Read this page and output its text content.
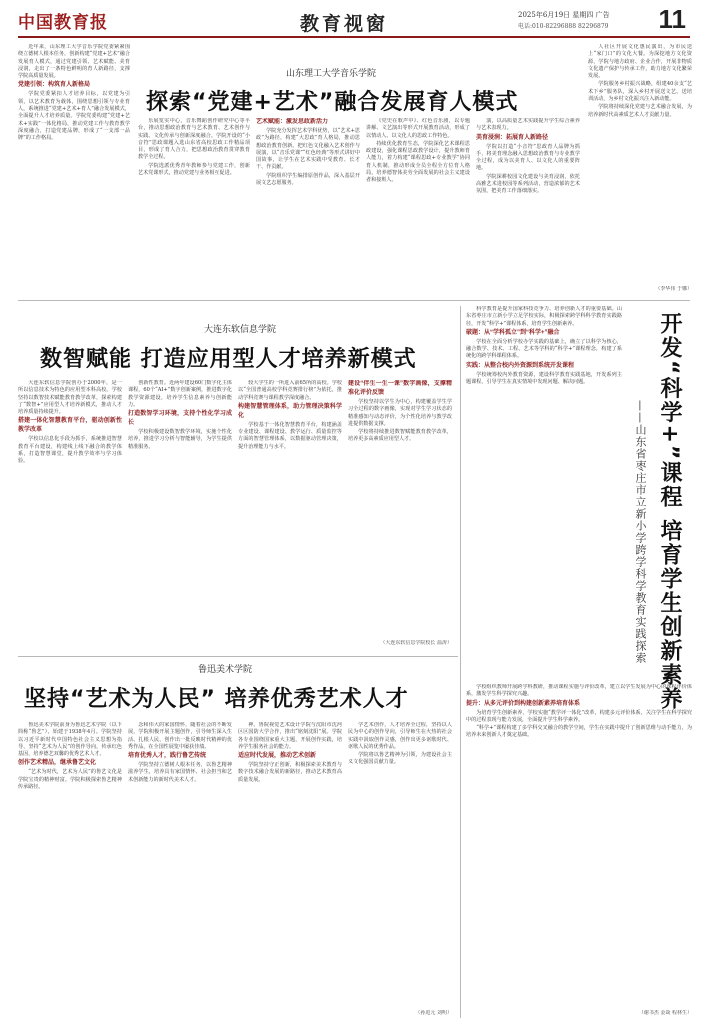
中国教育报	教育视窗	2025年6月19日 星期四 广告
电话:010-82296888 82296879 11
山东理工大学音乐学院
探索“党建+艺术”融合发展育人模式

近年来，山东理工大学音乐学院党委紧紧围绕立德树人根本任务，创新构建“党建+艺术”融合发展育人模式，通过党建引领、艺术赋能、美育浸润，走出了一条特色鲜明的育人新路径，支撑学院高质量发展。

党建引领：构筑育人新格局

学院党委紧扣人才培养目标，以党建为引领，以艺术教育为载体，围绕思想引领与专业育人，系统推进“党建+艺术+育人”融合发展模式，全面提升人才培养质量。学院党委构建“党建+艺术+实践”一体化格局，推动党建工作与教育教学深度融合，打造党建品牌，形成了“一支部一品牌”的工作格局。

乐展览实中心，音乐舞蹈创作研究中心等平台，推动思想政治教育与艺术教育、艺术创作与实践、文化传承与创新深度融合。学院开设的“小音符”思政课题入选山东省高校思政工作精品项目，形成了育人合力，把思想政治教育贯穿教育教学全过程。

学院选派优秀青年教师参与党建工作，创新艺术党课形式，推动党建与业务相互促进。

艺术赋能：激发思政新活力

学院充分发挥艺术学科优势，以“艺术+思政”为路径，构建“大思政”育人格局，推动思想政治教育创新。把红色文化融入艺术创作与展演，以“音乐党课”“红色经典”等形式讲好中国故事，让学生在艺术实践中受教育、长才干、作贡献。

学院组织学生编排原创作品，深入基层开展文艺志愿服务。

《党史在歌声中》、红色音乐剧，以专题讲解、文艺演出等形式开展教育活动，形成了以情动人、以文化人的思政工作特色。

持续优化教育生态，学院深化艺术课程思政建设，强化课程思政教学设计，提升教师育人能力，着力构建“课程思政+专业教学”协同育人机制，推动形成全员全程全方位育人格局，培养德智体美劳全面发展的社会主义建设者和接班人。

演，以高质量艺术实践提升学生综合素养与艺术表现力。

美育浸润：拓展育人新路径

学院以打造“小音符”思政育人品牌为抓手，将美育理念融入思想政治教育与专业教学全过程，成为以美育人、以文化人的重要阵地。

学院深耕校园文化建设与美育浸润，依托高雅艺术进校园等系列活动，营造浓郁的艺术氛围，把美育工作落细落实。

人社区开展文化惠民演出，为市民送上“家门口”的文化大餐。为深挖地方文化资源，学院与地方政府、企业合作，开展非物质文化遗产保护与传承工作，助力地方文化繁荣发展。

学院服务乡村振兴战略，组建40余支“艺术下乡”服务队，深入乡村开展送文艺、送培训活动，为乡村文化振兴注入新动能。

学院将持续深化党建与艺术融合发展，为培养新时代高素质艺术人才贡献力量。

（李华伟 于娜）
大连东软信息学院
数智赋能 打造应用型人才培养新模式

大连东软信息学院创办于2000年，是一所以信息技术为特色的应用型本科高校。学校坚持以数智技术赋能教育教学改革，探索构建了“数智+”应用型人才培养新模式，推动人才培养质量持续提升。

搭建一体化智慧教育平台，驱动创新性教学改革

学校以信息化手段为抓手，系统推进智慧教育平台建设，构建线上线下融合的教学体系，打造智慧课堂，提升教学效率与学习体验。

创新性教育。近两年建设60门数字化主体课程，60个“AI+”数字创新案例，推进数字化教学资源建设，培养学生信息素养与创新能力。

打造数智学习环境，支持个性化学习成长

学校积极建设数智教学环境，实施个性化培养，推进学习分析与智能辅导，为学生提供精准服务。

较大学生的一所进入前65所的高校。学校以“全国普通高校学科竞赛排行榜”为依托，推动学科竞赛与课程教学深度融合。

构建智慧管理体系，助力管理决策科学化

学校基于一体化智慧教育平台，构建涵盖专业建设、课程建设、教学运行、质量监控等方面的智慧管理体系，以数据驱动管理决策，提升治理能力与水平。

建设“伴生一生一课”数字画像，支撑精准化评价反馈

学校坚持以学生为中心，构建覆盖学生学习全过程的数字画像，实现对学生学习状态的精准感知与动态评价，为个性化培养与教学改进提供数据支撑。

学校将持续推进数智赋能教育教学改革，培养更多高素质应用型人才。

（大连东软信息学院校长 温涛）
鲁迅美术学院
坚持“艺术为人民” 培养优秀艺术人才

鲁迅美术学院前身为鲁迅艺术学院（以下简称“鲁艺”），始建于1938年4月。学院坚持以习近平新时代中国特色社会主义思想为指导，坚持“艺术为人民”的创作导向，传承红色基因，培养德艺双馨的优秀艺术人才。

创作艺术精品，继承鲁艺文化

“艺术为时代，艺术为人民”的鲁艺文化是学院宝贵的精神财富。学院积极探索鲁艺精神传承路径。

念和伟大的家国情怀，随着社会的不断发展，学院积极开展主题创作，引导师生深入生活、扎根人民，创作出一批反映时代精神的优秀作品，在全国性展览中屡获佳绩。

培育优秀人才，践行鲁艺传统

学院坚持立德树人根本任务，以鲁艺精神滋养学生，培养具有家国情怀、社会担当和艺术创新能力的新时代美术人才。

神。鲁院视觉艺术设计学院与沈阳市沈河区区国防大学合作，推出“铭刻沈阳”展。学院各专业围绕国家重大主题，开展创作实践，培养学生服务社会的能力。

适应时代发展，推动艺术创新

学院坚持守正创新，积极探索美术教育与数字技术融合发展的新路径，推动艺术教育高质量发展。

学艺术创作，人才培养全过程，坚持以人民为中心的创作导向，引导师生在火热的社会实践中汲取创作灵感，创作出更多讴歌时代、讴歌人民的优秀作品。

学院将以鲁艺精神为引领，为建设社会主义文化强国贡献力量。

（孙进元 刘明）

科学教育是提升国家科技竞争力、培养创新人才的重要基础。山东省枣庄市立新小学立足学校实际，积极探索跨学科科学教育实践路径，开发“科学+”课程体系，培育学生创新素养。

破题：从“学科孤立”到“科学+”融合

学校在全面分析学校办学实践的基础上，确立了以科学为核心，融合数学、技术、工程、艺术等学科的“科学+”课程理念，构建了系统化的跨学科课程体系。

实践：从整合校内外资源到系统开发课程

学校统筹校内外教育资源，建设科学教育实践基地，开发系列主题课程，引导学生在真实情境中发现问题、解决问题。	开发“科学+”课程 培育学生创新素养
——山东省枣庄市立新小学跨学科学教育实践探索

学校组织教师开展跨学科教研，推动课程实施与评价改革，建立以学生发展为中心的课程评价体系，激发学生科学探究兴趣。

提升：从多元评价到构建创新素养培育体系

为培育学生创新素养，学校实施“教学评一体化”改革，构建多元评价体系，关注学生在科学探究中的过程表现与能力发展，全面提升学生科学素养。

“科学+”课程构建了多学科交叉融合的教学空间，学生在实践中提升了创新思维与动手能力，为培养未来创新人才奠定基础。

（谢书杰 金焱 程林生）
